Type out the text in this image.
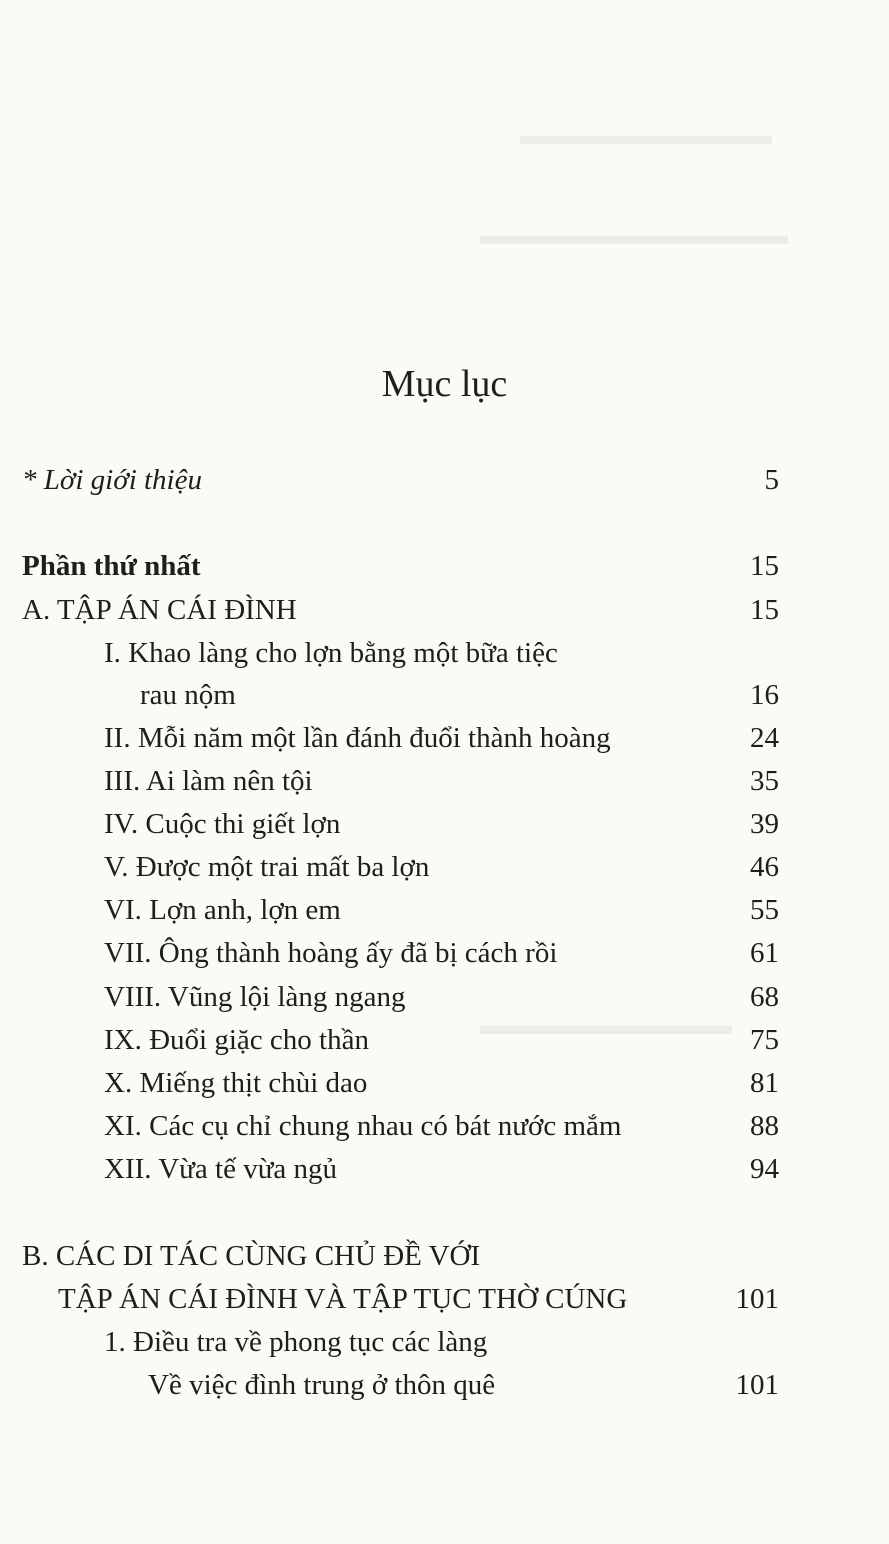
▬▬▬▬▬▬▬▬▬
▬▬▬▬▬▬▬▬▬▬▬
▬▬▬▬▬▬▬▬▬
Mục lục
* Lời giới thiệu	5
Phần thứ nhất	15
A. TẬP ÁN CÁI ĐÌNH	15
I. Khao làng cho lợn bằng một bữa tiệc
rau nộm	16
II. Mỗi năm một lần đánh đuổi thành hoàng	24
III. Ai làm nên tội	35
IV. Cuộc thi giết lợn	39
V. Được một trai mất ba lợn	46
VI. Lợn anh, lợn em	55
VII. Ông thành hoàng ấy đã bị cách rồi	61
VIII. Vũng lội làng ngang	68
IX. Đuổi giặc cho thần	75
X. Miếng thịt chùi dao	81
XI. Các cụ chỉ chung nhau có bát nước mắm	88
XII. Vừa tế vừa ngủ	94
B. CÁC DI TÁC CÙNG CHỦ ĐỀ VỚI
TẬP ÁN CÁI ĐÌNH VÀ TẬP TỤC THỜ CÚNG	101
1. Điều tra về phong tục các làng
Về việc đình trung ở thôn quê	101
